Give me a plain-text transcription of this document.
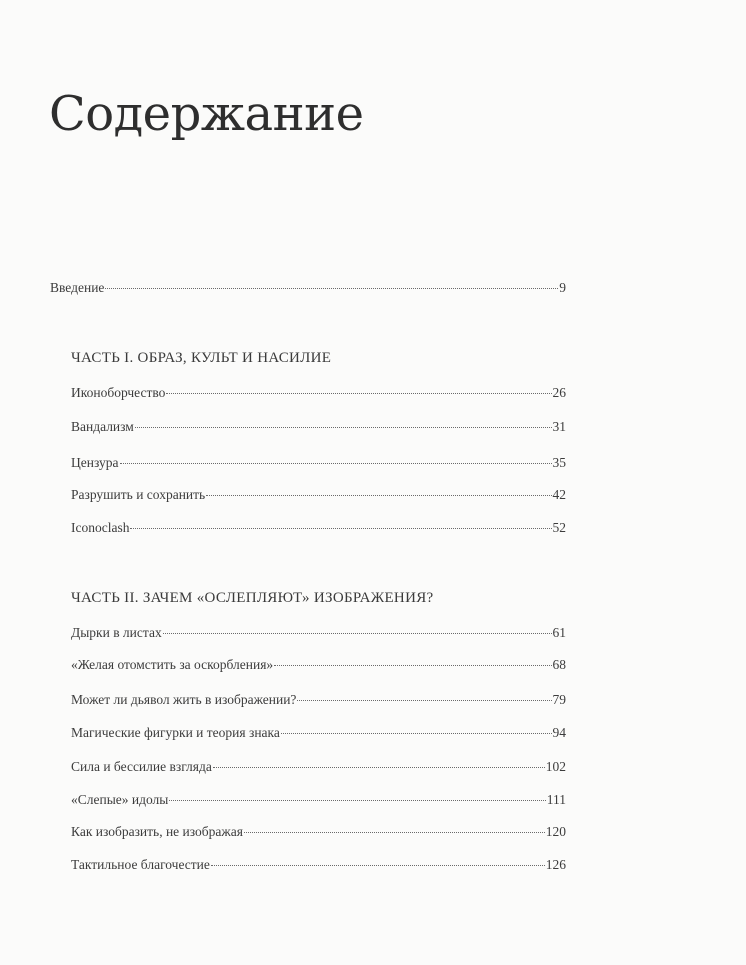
Содержание
Введение	9
ЧАСТЬ I. ОБРАЗ, КУЛЬТ И НАСИЛИЕ
Иконоборчество	26
Вандализм	31
Цензура	35
Разрушить и сохранить	42
Iconoclash	52
ЧАСТЬ II. ЗАЧЕМ «ОСЛЕПЛЯЮТ» ИЗОБРАЖЕНИЯ?
Дырки в листах	61
«Желая отомстить за оскорбления»	68
Может ли дьявол жить в изображении?	79
Магические фигурки и теория знака	94
Сила и бессилие взгляда	102
«Слепые» идолы	111
Как изобразить, не изображая	120
Тактильное благочестие	126
